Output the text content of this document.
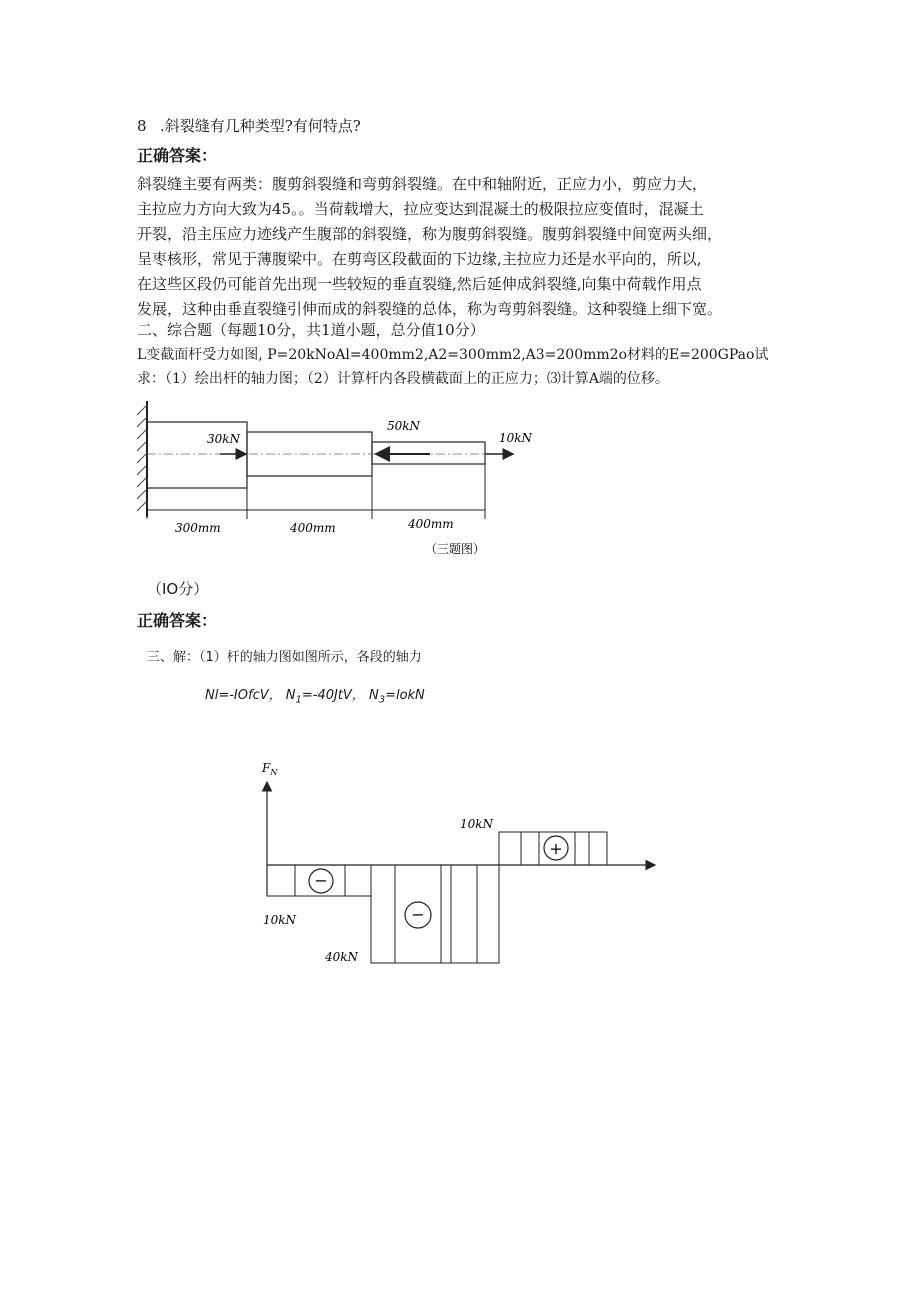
8 .斜裂缝有几种类型?有何特点?
正确答案：
斜裂缝主要有两类：腹剪斜裂缝和弯剪斜裂缝。在中和轴附近，正应力小，剪应力大，
主拉应力方向大致为45。。当荷载增大，拉应变达到混凝土的极限拉应变值时，混凝土
开裂，沿主压应力迹线产生腹部的斜裂缝，称为腹剪斜裂缝。腹剪斜裂缝中间宽两头细，
呈枣核形，常见于薄腹梁中。在剪弯区段截面的下边缘,主拉应力还是水平向的，所以,
在这些区段仍可能首先出现一些较短的垂直裂缝,然后延伸成斜裂缝,向集中荷载作用点
发展，这种由垂直裂缝引伸而成的斜裂缝的总体，称为弯剪斜裂缝。这种裂缝上细下宽。
二、综合题（每题10分，共1道小题，总分值10分）
L变截面杆受力如图, P=20kNoAl=400mm2,A2=300mm2,A3=200mm2o材料的E=200GPao试
求：（1）绘出杆的轴力图；（2）计算杆内各段横截面上的正应力；⑶计算A端的位移。
30kN
50kN
10kN
300mm	400mm	400mm
（三题图）
（IO分）
正确答案：
三、解：（1）杆的轴力图如图所示，各段的轴力
Nl=-IOfcV， $N_1=-40JtV$， $N_3=lokN$
$F_N$
−
10kN	−
40kN
+
10kN
